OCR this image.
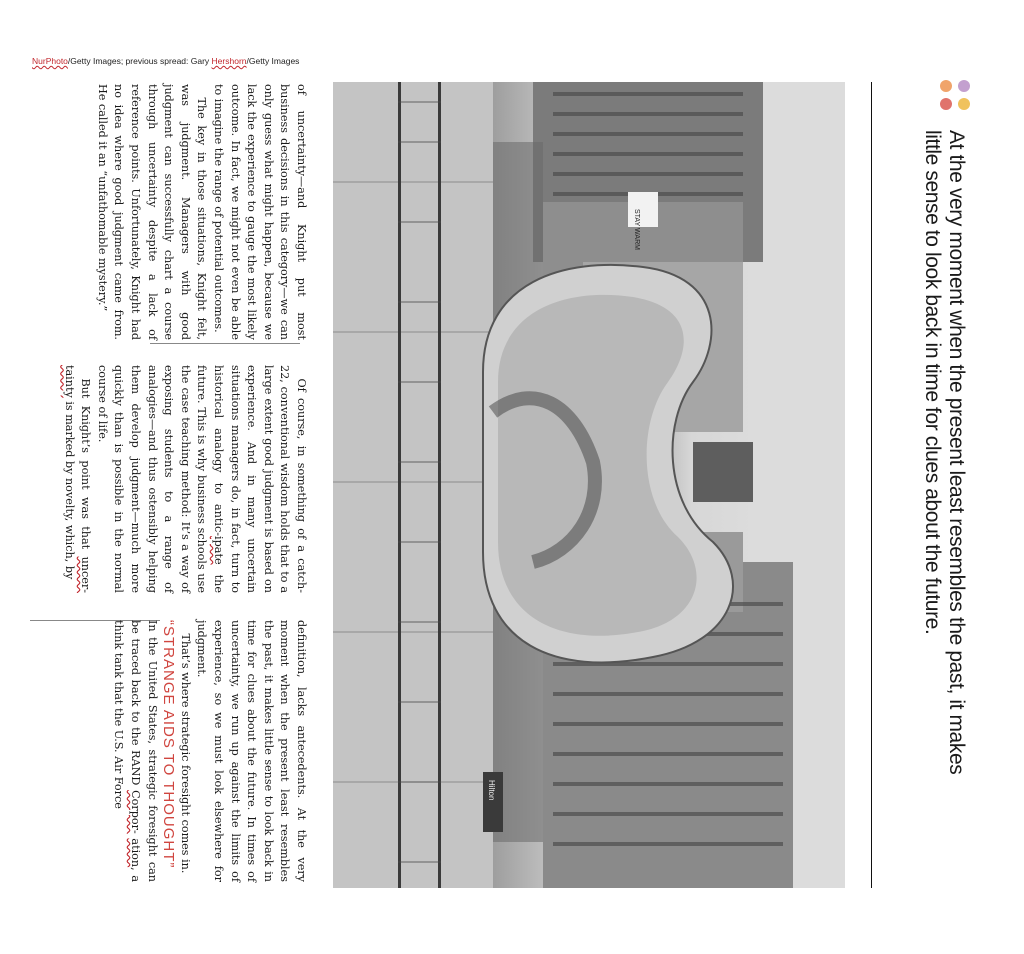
NurPhoto/Getty Images; previous spread: Gary Hershorn/Getty Images

of uncertainty—and Knight put most business decisions in this category—we can only guess what might happen, because we lack the experience to gauge the most likely outcome. In fact, we might not even be able to imagine the range of potential outcomes.

The key in those situations, Knight felt, was judgment. Managers with good judgment can successfully chart a course through uncertainty despite a lack of reference points. Unfortunately, Knight had no idea where good judgment came from. He called it an “unfathomable mystery.”

Of course, in something of a catch-22, conventional wisdom holds that to a large extent good judgment is based on experience. And in many uncertain situations managers do, in fact, turn to historical analogy to antic-ipate the future. This is why business schools use the case teaching method: It’s a way of exposing students to a range of analogies—and thus ostensibly helping them develop judgment—much more quickly than is possible in the normal course of life.

But Knight’s point was that uncer- tainty is marked by novelty, which, by

definition, lacks antecedents. At the very moment when the present least resembles the past, it makes little sense to look back in time for clues about the future. In times of uncertainty, we run up against the limits of experience, so we must look elsewhere for judgment.

That’s where strategic foresight comes in.

“STRANGE AIDS TO THOUGHT”

In the United States, strategic foresight can be traced back to the RAND Corpor- ation, a think tank that the U.S. Air Force

STAY WARM
Hilton
At the very moment when the present least resembles the past, it makes little sense to look back in time for clues about the future.
